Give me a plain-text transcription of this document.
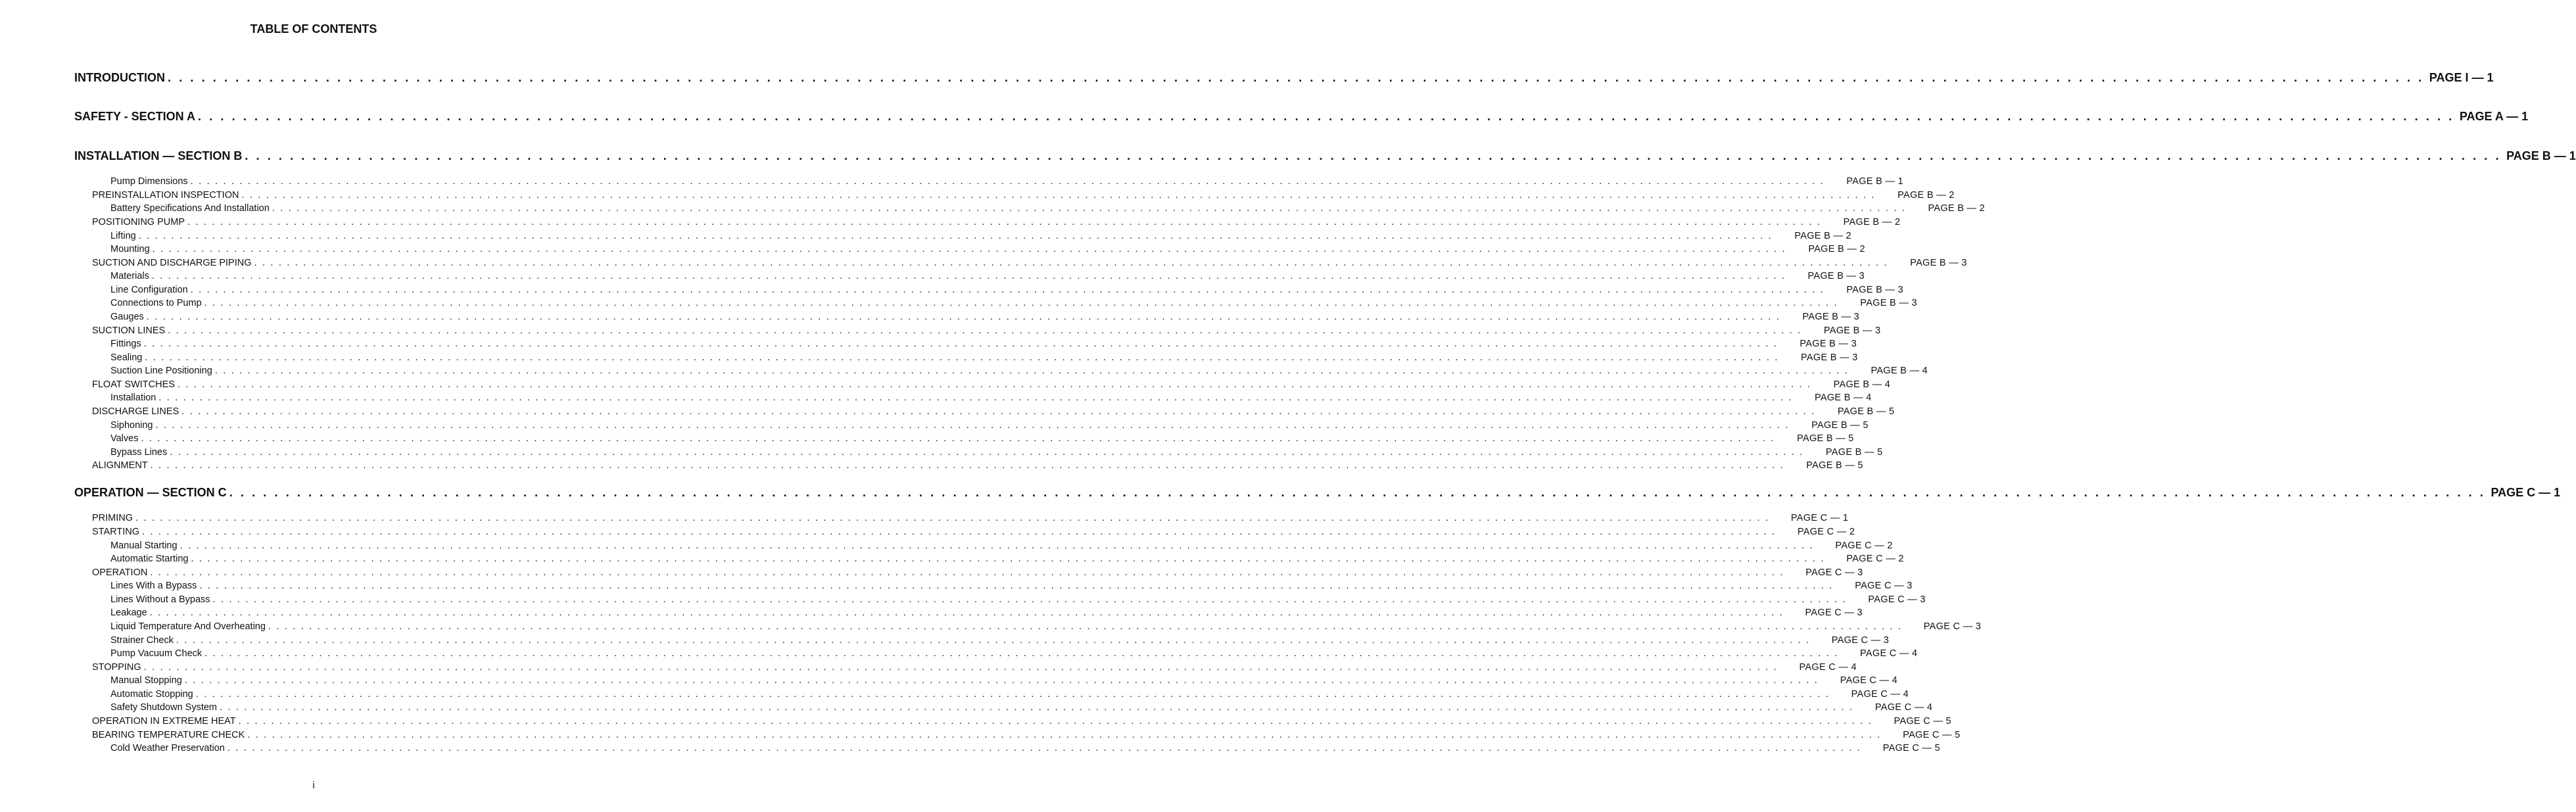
TABLE OF CONTENTS
INTRODUCTION . . . . . . . . . . . . . . . . . . . . . . . . . . . . . . . . . . . . . . . . . . . . . . . . . . . . . . . . . . . . . . . . . . . . . . . . . . . . . . . . . . . . . . . . . . . . . . . . . . . . . . . . . . . . . . . . . . . . . . . . . . . . . . . . . . . . . . . . . . . . . . . . . . . . . . . . . . . . . . . . . . . . . . . . . . . . . . . . . . . . . . . . . . . . . . . . . . . . . . . . PAGE I — 1
SAFETY - SECTION A . . . . . . . . . . . . . . . . . . . . . . . . . . . . . . . . . . . . . . . . . . . . . . . . . . . . . . . . . . . . . . . . . . . . . . . . . . . . . . . . . . . . . . . . . . . . . . . . . . . . . . . . . . . . . . . . . . . . . . . . . . . . . . . . . . . . . . . . . . . . . . . . . . . . . . . . . . . . . . . . . . . . . . . . . . . . . . . . . . . . . . . . . . . . . . . . . . . . . . . . PAGE A — 1
INSTALLATION — SECTION B . . . . . . . . . . . . . . . . . . . . . . . . . . . . . . . . . . . . . . . . . . . . . . . . . . . . . . . . . . . . . . . . . . . . . . . . . . . . . . . . . . . . . . . . . . . . . . . . . . . . . . . . . . . . . . . . . . . . . . . . . . . . . . . . . . . . . . . . . . . . . . . . . . . . . . . . . . . . . . . . . . . . . . . . . . . . . . . . . . . . . . . . . . . . . . . . . . . . . . . . PAGE B — 1
Pump Dimensions . . . . . . . . . . . . . . . . . . . . . . . . . . . . . . . . . . . . . . . . . . . . . . . . . . . . . . . . . . . . . . . . . . . . . . . . . . . . . . . . . . . . . . . . . . . . . . . . . . . . . . . . . . . . . . . . . . . . . . . . . . . . . . . . . . . . . . . . . . . . . . . . . . . . . . . . . . . . . . . . . . . . . . . . . . . . . . . . . . . . . . . . . . . . . . . . . . . . . . . . PAGE B — 1
PREINSTALLATION INSPECTION . . . . . . . . . . . . . . . . . . . . . . . . . . . . . . . . . . . . . . . . . . . . . . . . . . . . . . . . . . . . . . . . . . . . . . . . . . . . . . . . . . . . . . . . . . . . . . . . . . . . . . . . . . . . . . . . . . . . . . . . . . . . . . . . . . . . . . . . . . . . . . . . . . . . . . . . . . . . . . . . . . . . . . . . . . . . . . . . . . . . . . . . . . . . . . . . . . . . . . . . PAGE B — 2
Battery Specifications And Installation . . . . . . . . . . . . . . . . . . . . . . . . . . . . . . . . . . . . . . . . . . . . . . . . . . . . . . . . . . . . . . . . . . . . . . . . . . . . . . . . . . . . . . . . . . . . . . . . . . . . . . . . . . . . . . . . . . . . . . . . . . . . . . . . . . . . . . . . . . . . . . . . . . . . . . . . . . . . . . . . . . . . . . . . . . . . . . . . . . . . . . . . . . . . . . . . . . . . . . . . PAGE B — 2
POSITIONING PUMP . . . . . . . . . . . . . . . . . . . . . . . . . . . . . . . . . . . . . . . . . . . . . . . . . . . . . . . . . . . . . . . . . . . . . . . . . . . . . . . . . . . . . . . . . . . . . . . . . . . . . . . . . . . . . . . . . . . . . . . . . . . . . . . . . . . . . . . . . . . . . . . . . . . . . . . . . . . . . . . . . . . . . . . . . . . . . . . . . . . . . . . . . . . . . . . . . . . . . . . . PAGE B — 2
Lifting . . . . . . . . . . . . . . . . . . . . . . . . . . . . . . . . . . . . . . . . . . . . . . . . . . . . . . . . . . . . . . . . . . . . . . . . . . . . . . . . . . . . . . . . . . . . . . . . . . . . . . . . . . . . . . . . . . . . . . . . . . . . . . . . . . . . . . . . . . . . . . . . . . . . . . . . . . . . . . . . . . . . . . . . . . . . . . . . . . . . . . . . . . . . . . . . . . . . . . . . PAGE B — 2
Mounting . . . . . . . . . . . . . . . . . . . . . . . . . . . . . . . . . . . . . . . . . . . . . . . . . . . . . . . . . . . . . . . . . . . . . . . . . . . . . . . . . . . . . . . . . . . . . . . . . . . . . . . . . . . . . . . . . . . . . . . . . . . . . . . . . . . . . . . . . . . . . . . . . . . . . . . . . . . . . . . . . . . . . . . . . . . . . . . . . . . . . . . . . . . . . . . . . . . . . . . . PAGE B — 2
SUCTION AND DISCHARGE PIPING . . . . . . . . . . . . . . . . . . . . . . . . . . . . . . . . . . . . . . . . . . . . . . . . . . . . . . . . . . . . . . . . . . . . . . . . . . . . . . . . . . . . . . . . . . . . . . . . . . . . . . . . . . . . . . . . . . . . . . . . . . . . . . . . . . . . . . . . . . . . . . . . . . . . . . . . . . . . . . . . . . . . . . . . . . . . . . . . . . . . . . . . . . . . . . . . . . . . . . . . PAGE B — 3
Materials . . . . . . . . . . . . . . . . . . . . . . . . . . . . . . . . . . . . . . . . . . . . . . . . . . . . . . . . . . . . . . . . . . . . . . . . . . . . . . . . . . . . . . . . . . . . . . . . . . . . . . . . . . . . . . . . . . . . . . . . . . . . . . . . . . . . . . . . . . . . . . . . . . . . . . . . . . . . . . . . . . . . . . . . . . . . . . . . . . . . . . . . . . . . . . . . . . . . . . . . PAGE B — 3
Line Configuration . . . . . . . . . . . . . . . . . . . . . . . . . . . . . . . . . . . . . . . . . . . . . . . . . . . . . . . . . . . . . . . . . . . . . . . . . . . . . . . . . . . . . . . . . . . . . . . . . . . . . . . . . . . . . . . . . . . . . . . . . . . . . . . . . . . . . . . . . . . . . . . . . . . . . . . . . . . . . . . . . . . . . . . . . . . . . . . . . . . . . . . . . . . . . . . . . . . . . . . . PAGE B — 3
Connections to Pump . . . . . . . . . . . . . . . . . . . . . . . . . . . . . . . . . . . . . . . . . . . . . . . . . . . . . . . . . . . . . . . . . . . . . . . . . . . . . . . . . . . . . . . . . . . . . . . . . . . . . . . . . . . . . . . . . . . . . . . . . . . . . . . . . . . . . . . . . . . . . . . . . . . . . . . . . . . . . . . . . . . . . . . . . . . . . . . . . . . . . . . . . . . . . . . . . . . . . . . . PAGE B — 3
Gauges . . . . . . . . . . . . . . . . . . . . . . . . . . . . . . . . . . . . . . . . . . . . . . . . . . . . . . . . . . . . . . . . . . . . . . . . . . . . . . . . . . . . . . . . . . . . . . . . . . . . . . . . . . . . . . . . . . . . . . . . . . . . . . . . . . . . . . . . . . . . . . . . . . . . . . . . . . . . . . . . . . . . . . . . . . . . . . . . . . . . . . . . . . . . . . . . . . . . . . . . PAGE B — 3
SUCTION LINES . . . . . . . . . . . . . . . . . . . . . . . . . . . . . . . . . . . . . . . . . . . . . . . . . . . . . . . . . . . . . . . . . . . . . . . . . . . . . . . . . . . . . . . . . . . . . . . . . . . . . . . . . . . . . . . . . . . . . . . . . . . . . . . . . . . . . . . . . . . . . . . . . . . . . . . . . . . . . . . . . . . . . . . . . . . . . . . . . . . . . . . . . . . . . . . . . . . . . . . . PAGE B — 3
Fittings . . . . . . . . . . . . . . . . . . . . . . . . . . . . . . . . . . . . . . . . . . . . . . . . . . . . . . . . . . . . . . . . . . . . . . . . . . . . . . . . . . . . . . . . . . . . . . . . . . . . . . . . . . . . . . . . . . . . . . . . . . . . . . . . . . . . . . . . . . . . . . . . . . . . . . . . . . . . . . . . . . . . . . . . . . . . . . . . . . . . . . . . . . . . . . . . . . . . . . . . PAGE B — 3
Sealing . . . . . . . . . . . . . . . . . . . . . . . . . . . . . . . . . . . . . . . . . . . . . . . . . . . . . . . . . . . . . . . . . . . . . . . . . . . . . . . . . . . . . . . . . . . . . . . . . . . . . . . . . . . . . . . . . . . . . . . . . . . . . . . . . . . . . . . . . . . . . . . . . . . . . . . . . . . . . . . . . . . . . . . . . . . . . . . . . . . . . . . . . . . . . . . . . . . . . . . . PAGE B — 3
Suction Line Positioning . . . . . . . . . . . . . . . . . . . . . . . . . . . . . . . . . . . . . . . . . . . . . . . . . . . . . . . . . . . . . . . . . . . . . . . . . . . . . . . . . . . . . . . . . . . . . . . . . . . . . . . . . . . . . . . . . . . . . . . . . . . . . . . . . . . . . . . . . . . . . . . . . . . . . . . . . . . . . . . . . . . . . . . . . . . . . . . . . . . . . . . . . . . . . . . . . . . . . . . . PAGE B — 4
FLOAT SWITCHES . . . . . . . . . . . . . . . . . . . . . . . . . . . . . . . . . . . . . . . . . . . . . . . . . . . . . . . . . . . . . . . . . . . . . . . . . . . . . . . . . . . . . . . . . . . . . . . . . . . . . . . . . . . . . . . . . . . . . . . . . . . . . . . . . . . . . . . . . . . . . . . . . . . . . . . . . . . . . . . . . . . . . . . . . . . . . . . . . . . . . . . . . . . . . . . . . . . . . . . . PAGE B — 4
Installation . . . . . . . . . . . . . . . . . . . . . . . . . . . . . . . . . . . . . . . . . . . . . . . . . . . . . . . . . . . . . . . . . . . . . . . . . . . . . . . . . . . . . . . . . . . . . . . . . . . . . . . . . . . . . . . . . . . . . . . . . . . . . . . . . . . . . . . . . . . . . . . . . . . . . . . . . . . . . . . . . . . . . . . . . . . . . . . . . . . . . . . . . . . . . . . . . . . . . . . . PAGE B — 4
DISCHARGE LINES . . . . . . . . . . . . . . . . . . . . . . . . . . . . . . . . . . . . . . . . . . . . . . . . . . . . . . . . . . . . . . . . . . . . . . . . . . . . . . . . . . . . . . . . . . . . . . . . . . . . . . . . . . . . . . . . . . . . . . . . . . . . . . . . . . . . . . . . . . . . . . . . . . . . . . . . . . . . . . . . . . . . . . . . . . . . . . . . . . . . . . . . . . . . . . . . . . . . . . . . PAGE B — 5
Siphoning . . . . . . . . . . . . . . . . . . . . . . . . . . . . . . . . . . . . . . . . . . . . . . . . . . . . . . . . . . . . . . . . . . . . . . . . . . . . . . . . . . . . . . . . . . . . . . . . . . . . . . . . . . . . . . . . . . . . . . . . . . . . . . . . . . . . . . . . . . . . . . . . . . . . . . . . . . . . . . . . . . . . . . . . . . . . . . . . . . . . . . . . . . . . . . . . . . . . . . . . PAGE B — 5
Valves . . . . . . . . . . . . . . . . . . . . . . . . . . . . . . . . . . . . . . . . . . . . . . . . . . . . . . . . . . . . . . . . . . . . . . . . . . . . . . . . . . . . . . . . . . . . . . . . . . . . . . . . . . . . . . . . . . . . . . . . . . . . . . . . . . . . . . . . . . . . . . . . . . . . . . . . . . . . . . . . . . . . . . . . . . . . . . . . . . . . . . . . . . . . . . . . . . . . . . . . PAGE B — 5
Bypass Lines . . . . . . . . . . . . . . . . . . . . . . . . . . . . . . . . . . . . . . . . . . . . . . . . . . . . . . . . . . . . . . . . . . . . . . . . . . . . . . . . . . . . . . . . . . . . . . . . . . . . . . . . . . . . . . . . . . . . . . . . . . . . . . . . . . . . . . . . . . . . . . . . . . . . . . . . . . . . . . . . . . . . . . . . . . . . . . . . . . . . . . . . . . . . . . . . . . . . . . . . PAGE B — 5
ALIGNMENT . . . . . . . . . . . . . . . . . . . . . . . . . . . . . . . . . . . . . . . . . . . . . . . . . . . . . . . . . . . . . . . . . . . . . . . . . . . . . . . . . . . . . . . . . . . . . . . . . . . . . . . . . . . . . . . . . . . . . . . . . . . . . . . . . . . . . . . . . . . . . . . . . . . . . . . . . . . . . . . . . . . . . . . . . . . . . . . . . . . . . . . . . . . . . . . . . . . . . . . . PAGE B — 5
OPERATION — SECTION C . . . . . . . . . . . . . . . . . . . . . . . . . . . . . . . . . . . . . . . . . . . . . . . . . . . . . . . . . . . . . . . . . . . . . . . . . . . . . . . . . . . . . . . . . . . . . . . . . . . . . . . . . . . . . . . . . . . . . . . . . . . . . . . . . . . . . . . . . . . . . . . . . . . . . . . . . . . . . . . . . . . . . . . . . . . . . . . . . . . . . . . . . . . . . . . . . . . . . . . . PAGE C — 1
PRIMING . . . . . . . . . . . . . . . . . . . . . . . . . . . . . . . . . . . . . . . . . . . . . . . . . . . . . . . . . . . . . . . . . . . . . . . . . . . . . . . . . . . . . . . . . . . . . . . . . . . . . . . . . . . . . . . . . . . . . . . . . . . . . . . . . . . . . . . . . . . . . . . . . . . . . . . . . . . . . . . . . . . . . . . . . . . . . . . . . . . . . . . . . . . . . . . . . . . . . . . . PAGE C — 1
STARTING . . . . . . . . . . . . . . . . . . . . . . . . . . . . . . . . . . . . . . . . . . . . . . . . . . . . . . . . . . . . . . . . . . . . . . . . . . . . . . . . . . . . . . . . . . . . . . . . . . . . . . . . . . . . . . . . . . . . . . . . . . . . . . . . . . . . . . . . . . . . . . . . . . . . . . . . . . . . . . . . . . . . . . . . . . . . . . . . . . . . . . . . . . . . . . . . . . . . . . . . PAGE C — 2
Manual Starting . . . . . . . . . . . . . . . . . . . . . . . . . . . . . . . . . . . . . . . . . . . . . . . . . . . . . . . . . . . . . . . . . . . . . . . . . . . . . . . . . . . . . . . . . . . . . . . . . . . . . . . . . . . . . . . . . . . . . . . . . . . . . . . . . . . . . . . . . . . . . . . . . . . . . . . . . . . . . . . . . . . . . . . . . . . . . . . . . . . . . . . . . . . . . . . . . . . . . . . . PAGE C — 2
Automatic Starting . . . . . . . . . . . . . . . . . . . . . . . . . . . . . . . . . . . . . . . . . . . . . . . . . . . . . . . . . . . . . . . . . . . . . . . . . . . . . . . . . . . . . . . . . . . . . . . . . . . . . . . . . . . . . . . . . . . . . . . . . . . . . . . . . . . . . . . . . . . . . . . . . . . . . . . . . . . . . . . . . . . . . . . . . . . . . . . . . . . . . . . . . . . . . . . . . . . . . . . . PAGE C — 2
OPERATION . . . . . . . . . . . . . . . . . . . . . . . . . . . . . . . . . . . . . . . . . . . . . . . . . . . . . . . . . . . . . . . . . . . . . . . . . . . . . . . . . . . . . . . . . . . . . . . . . . . . . . . . . . . . . . . . . . . . . . . . . . . . . . . . . . . . . . . . . . . . . . . . . . . . . . . . . . . . . . . . . . . . . . . . . . . . . . . . . . . . . . . . . . . . . . . . . . . . . . . . PAGE C — 3
Lines With a Bypass . . . . . . . . . . . . . . . . . . . . . . . . . . . . . . . . . . . . . . . . . . . . . . . . . . . . . . . . . . . . . . . . . . . . . . . . . . . . . . . . . . . . . . . . . . . . . . . . . . . . . . . . . . . . . . . . . . . . . . . . . . . . . . . . . . . . . . . . . . . . . . . . . . . . . . . . . . . . . . . . . . . . . . . . . . . . . . . . . . . . . . . . . . . . . . . . . . . . . . . . PAGE C — 3
Lines Without a Bypass . . . . . . . . . . . . . . . . . . . . . . . . . . . . . . . . . . . . . . . . . . . . . . . . . . . . . . . . . . . . . . . . . . . . . . . . . . . . . . . . . . . . . . . . . . . . . . . . . . . . . . . . . . . . . . . . . . . . . . . . . . . . . . . . . . . . . . . . . . . . . . . . . . . . . . . . . . . . . . . . . . . . . . . . . . . . . . . . . . . . . . . . . . . . . . . . . . . . . . . . PAGE C — 3
Leakage . . . . . . . . . . . . . . . . . . . . . . . . . . . . . . . . . . . . . . . . . . . . . . . . . . . . . . . . . . . . . . . . . . . . . . . . . . . . . . . . . . . . . . . . . . . . . . . . . . . . . . . . . . . . . . . . . . . . . . . . . . . . . . . . . . . . . . . . . . . . . . . . . . . . . . . . . . . . . . . . . . . . . . . . . . . . . . . . . . . . . . . . . . . . . . . . . . . . . . . . PAGE C — 3
Liquid Temperature And Overheating . . . . . . . . . . . . . . . . . . . . . . . . . . . . . . . . . . . . . . . . . . . . . . . . . . . . . . . . . . . . . . . . . . . . . . . . . . . . . . . . . . . . . . . . . . . . . . . . . . . . . . . . . . . . . . . . . . . . . . . . . . . . . . . . . . . . . . . . . . . . . . . . . . . . . . . . . . . . . . . . . . . . . . . . . . . . . . . . . . . . . . . . . . . . . . . . . . . . . . . . PAGE C — 3
Strainer Check . . . . . . . . . . . . . . . . . . . . . . . . . . . . . . . . . . . . . . . . . . . . . . . . . . . . . . . . . . . . . . . . . . . . . . . . . . . . . . . . . . . . . . . . . . . . . . . . . . . . . . . . . . . . . . . . . . . . . . . . . . . . . . . . . . . . . . . . . . . . . . . . . . . . . . . . . . . . . . . . . . . . . . . . . . . . . . . . . . . . . . . . . . . . . . . . . . . . . . . . PAGE C — 3
Pump Vacuum Check . . . . . . . . . . . . . . . . . . . . . . . . . . . . . . . . . . . . . . . . . . . . . . . . . . . . . . . . . . . . . . . . . . . . . . . . . . . . . . . . . . . . . . . . . . . . . . . . . . . . . . . . . . . . . . . . . . . . . . . . . . . . . . . . . . . . . . . . . . . . . . . . . . . . . . . . . . . . . . . . . . . . . . . . . . . . . . . . . . . . . . . . . . . . . . . . . . . . . . . . PAGE C — 4
STOPPING . . . . . . . . . . . . . . . . . . . . . . . . . . . . . . . . . . . . . . . . . . . . . . . . . . . . . . . . . . . . . . . . . . . . . . . . . . . . . . . . . . . . . . . . . . . . . . . . . . . . . . . . . . . . . . . . . . . . . . . . . . . . . . . . . . . . . . . . . . . . . . . . . . . . . . . . . . . . . . . . . . . . . . . . . . . . . . . . . . . . . . . . . . . . . . . . . . . . . . . . PAGE C — 4
Manual Stopping . . . . . . . . . . . . . . . . . . . . . . . . . . . . . . . . . . . . . . . . . . . . . . . . . . . . . . . . . . . . . . . . . . . . . . . . . . . . . . . . . . . . . . . . . . . . . . . . . . . . . . . . . . . . . . . . . . . . . . . . . . . . . . . . . . . . . . . . . . . . . . . . . . . . . . . . . . . . . . . . . . . . . . . . . . . . . . . . . . . . . . . . . . . . . . . . . . . . . . . . PAGE C — 4
Automatic Stopping . . . . . . . . . . . . . . . . . . . . . . . . . . . . . . . . . . . . . . . . . . . . . . . . . . . . . . . . . . . . . . . . . . . . . . . . . . . . . . . . . . . . . . . . . . . . . . . . . . . . . . . . . . . . . . . . . . . . . . . . . . . . . . . . . . . . . . . . . . . . . . . . . . . . . . . . . . . . . . . . . . . . . . . . . . . . . . . . . . . . . . . . . . . . . . . . . . . . . . . . PAGE C — 4
Safety Shutdown System . . . . . . . . . . . . . . . . . . . . . . . . . . . . . . . . . . . . . . . . . . . . . . . . . . . . . . . . . . . . . . . . . . . . . . . . . . . . . . . . . . . . . . . . . . . . . . . . . . . . . . . . . . . . . . . . . . . . . . . . . . . . . . . . . . . . . . . . . . . . . . . . . . . . . . . . . . . . . . . . . . . . . . . . . . . . . . . . . . . . . . . . . . . . . . . . . . . . . . . . PAGE C — 4
OPERATION IN EXTREME HEAT . . . . . . . . . . . . . . . . . . . . . . . . . . . . . . . . . . . . . . . . . . . . . . . . . . . . . . . . . . . . . . . . . . . . . . . . . . . . . . . . . . . . . . . . . . . . . . . . . . . . . . . . . . . . . . . . . . . . . . . . . . . . . . . . . . . . . . . . . . . . . . . . . . . . . . . . . . . . . . . . . . . . . . . . . . . . . . . . . . . . . . . . . . . . . . . . . . . . . . . . PAGE C — 5
BEARING TEMPERATURE CHECK . . . . . . . . . . . . . . . . . . . . . . . . . . . . . . . . . . . . . . . . . . . . . . . . . . . . . . . . . . . . . . . . . . . . . . . . . . . . . . . . . . . . . . . . . . . . . . . . . . . . . . . . . . . . . . . . . . . . . . . . . . . . . . . . . . . . . . . . . . . . . . . . . . . . . . . . . . . . . . . . . . . . . . . . . . . . . . . . . . . . . . . . . . . . . . . . . . . . . . . . PAGE C — 5
Cold Weather Preservation . . . . . . . . . . . . . . . . . . . . . . . . . . . . . . . . . . . . . . . . . . . . . . . . . . . . . . . . . . . . . . . . . . . . . . . . . . . . . . . . . . . . . . . . . . . . . . . . . . . . . . . . . . . . . . . . . . . . . . . . . . . . . . . . . . . . . . . . . . . . . . . . . . . . . . . . . . . . . . . . . . . . . . . . . . . . . . . . . . . . . . . . . . . . . . . . . . . . . . . . PAGE C — 5
i
